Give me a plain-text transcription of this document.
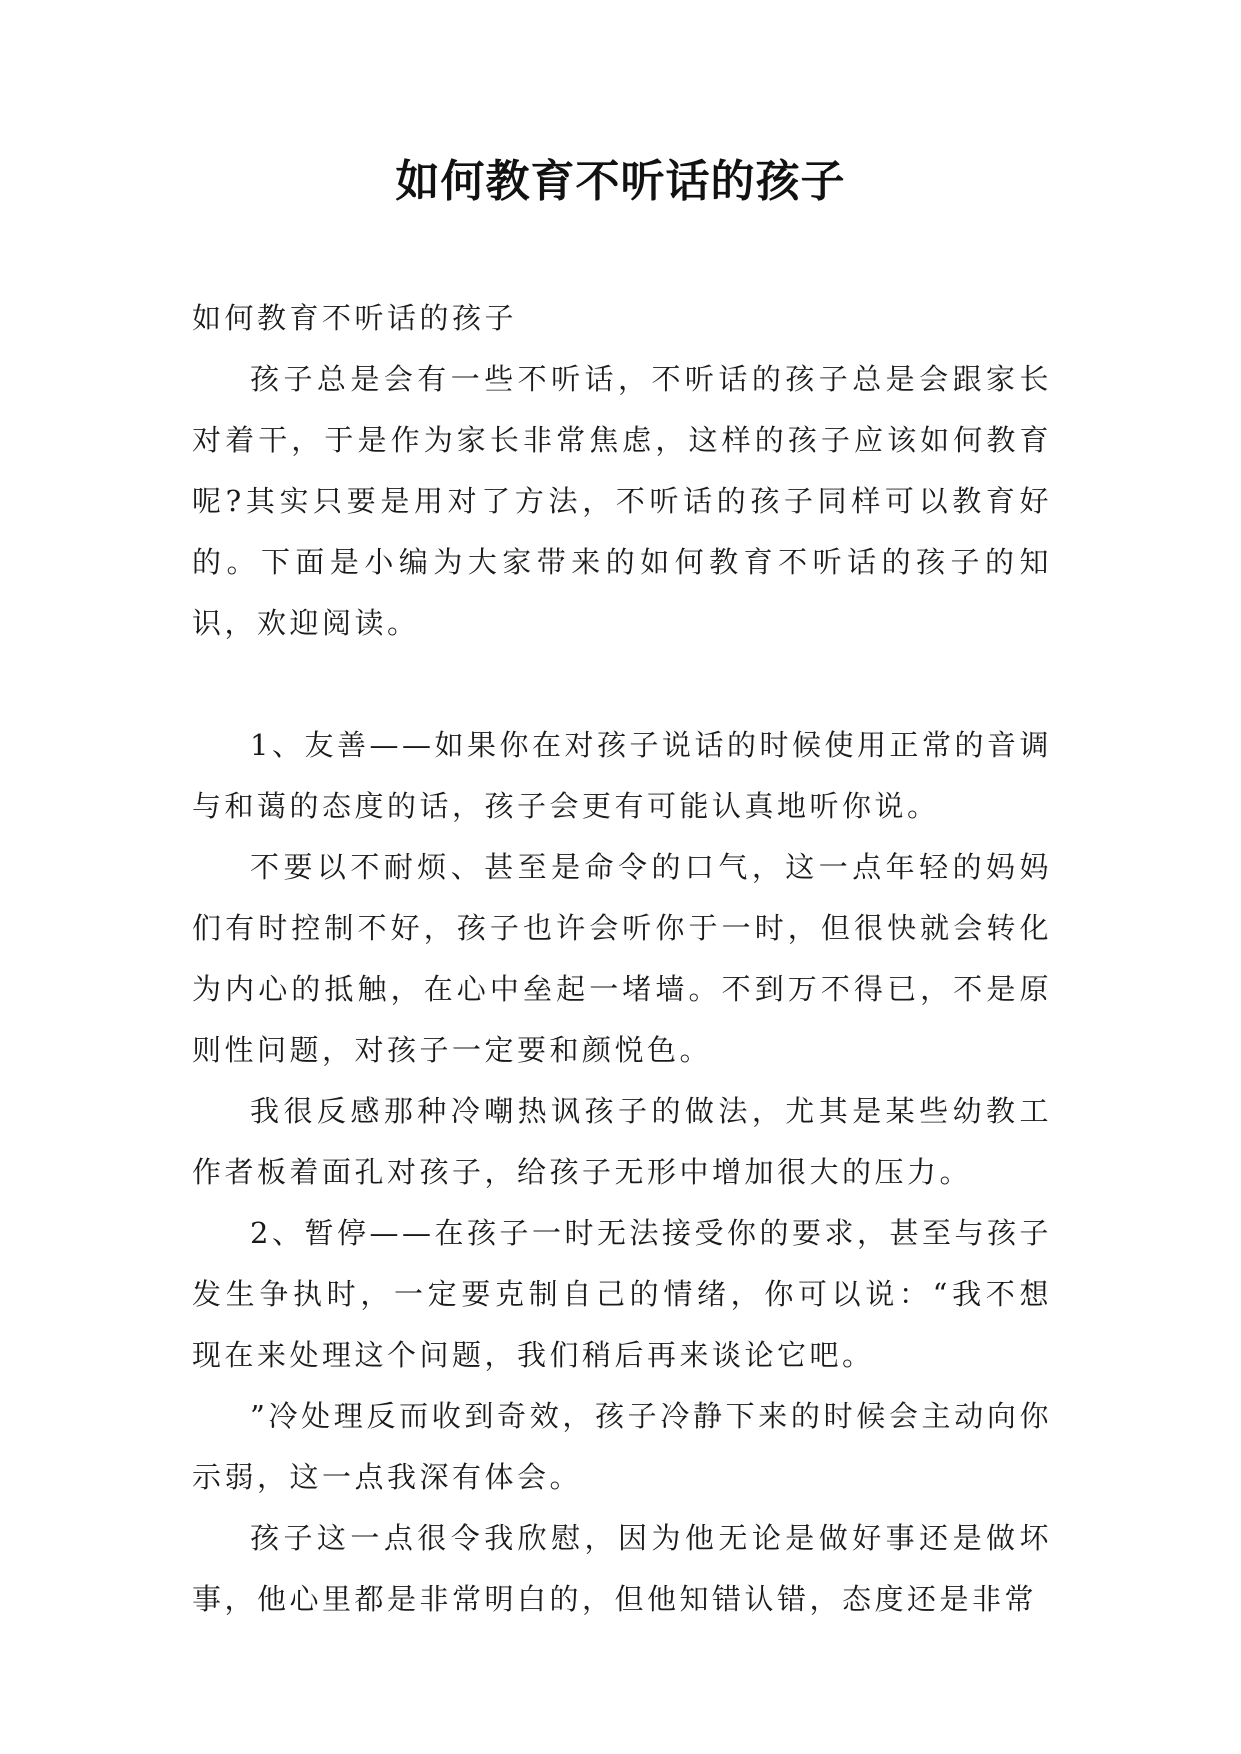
如何教育不听话的孩子

如何教育不听话的孩子

孩子总是会有一些不听话，不听话的孩子总是会跟家长对着干，于是作为家长非常焦虑，这样的孩子应该如何教育呢?其实只要是用对了方法，不听话的孩子同样可以教育好的。下面是小编为大家带来的如何教育不听话的孩子的知识，欢迎阅读。

1、友善——如果你在对孩子说话的时候使用正常的音调与和蔼的态度的话，孩子会更有可能认真地听你说。

不要以不耐烦、甚至是命令的口气，这一点年轻的妈妈们有时控制不好，孩子也许会听你于一时，但很快就会转化为内心的抵触，在心中垒起一堵墙。不到万不得已，不是原则性问题，对孩子一定要和颜悦色。

我很反感那种冷嘲热讽孩子的做法，尤其是某些幼教工作者板着面孔对孩子，给孩子无形中增加很大的压力。

2、暂停——在孩子一时无法接受你的要求，甚至与孩子发生争执时，一定要克制自己的情绪，你可以说：“我不想现在来处理这个问题，我们稍后再来谈论它吧。

”冷处理反而收到奇效，孩子冷静下来的时候会主动向你示弱，这一点我深有体会。

孩子这一点很令我欣慰，因为他无论是做好事还是做坏事，他心里都是非常明白的，但他知错认错，态度还是非常
